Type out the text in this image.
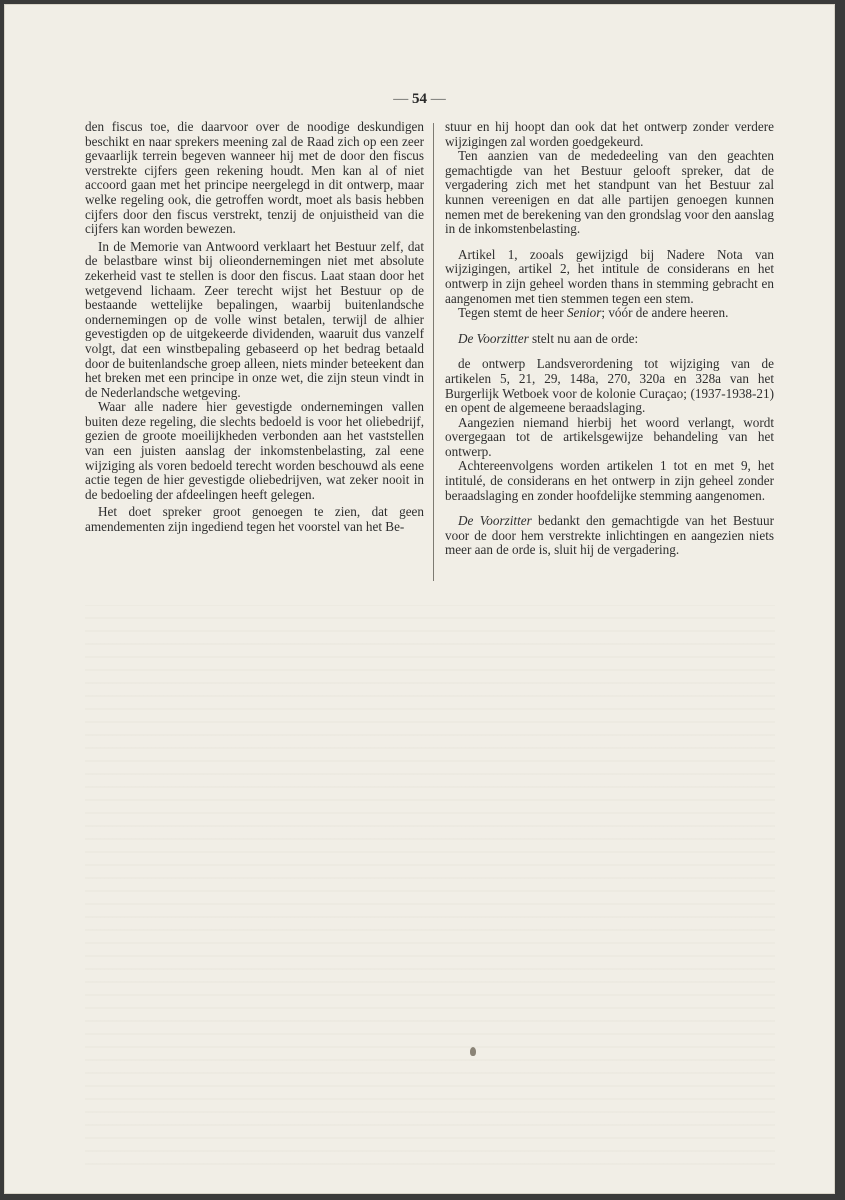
— 54 —

den fiscus toe, die daarvoor over de noodige deskundigen beschikt en naar sprekers meening zal de Raad zich op een zeer gevaarlijk terrein begeven wanneer hij met de door den fiscus verstrekte cijfers geen rekening houdt. Men kan al of niet accoord gaan met het principe neergelegd in dit ontwerp, maar welke regeling ook, die getroffen wordt, moet als basis hebben cijfers door den fiscus verstrekt, tenzij de onjuistheid van die cijfers kan worden bewezen.

In de Memorie van Antwoord verklaart het Bestuur zelf, dat de belastbare winst bij olieondernemingen niet met absolute zekerheid vast te stellen is door den fiscus. Laat staan door het wetgevend lichaam. Zeer terecht wijst het Bestuur op de bestaande wettelijke bepalingen, waarbij buitenlandsche ondernemingen op de volle winst betalen, terwijl de alhier gevestigden op de uitgekeerde dividenden, waaruit dus vanzelf volgt, dat een winstbepaling gebaseerd op het bedrag betaald door de buitenlandsche groep alleen, niets minder beteekent dan het breken met een principe in onze wet, die zijn steun vindt in de Nederlandsche wetgeving.

Waar alle nadere hier gevestigde ondernemingen vallen buiten deze regeling, die slechts bedoeld is voor het oliebedrijf, gezien de groote moeilijkheden verbonden aan het vaststellen van een juisten aanslag der inkomstenbelasting, zal eene wijziging als voren bedoeld terecht worden beschouwd als eene actie tegen de hier gevestigde oliebedrijven, wat zeker nooit in de bedoeling der afdeelingen heeft gelegen.

Het doet spreker groot genoegen te zien, dat geen amendementen zijn ingediend tegen het voorstel van het Be-

stuur en hij hoopt dan ook dat het ontwerp zonder verdere wijzigingen zal worden goedgekeurd.

Ten aanzien van de mededeeling van den geachten gemachtigde van het Bestuur gelooft spreker, dat de vergadering zich met het standpunt van het Bestuur zal kunnen vereenigen en dat alle partijen genoegen kunnen nemen met de berekening van den grondslag voor den aanslag in de inkomstenbelasting.

Artikel 1, zooals gewijzigd bij Nadere Nota van wijzigingen, artikel 2, het intitule de considerans en het ontwerp in zijn geheel worden thans in stemming gebracht en aangenomen met tien stemmen tegen een stem.

Tegen stemt de heer Senior; vóór de andere heeren.

De Voorzitter stelt nu aan de orde:

de ontwerp Landsverordening tot wijziging van de artikelen 5, 21, 29, 148a, 270, 320a en 328a van het Burgerlijk Wetboek voor de kolonie Curaçao; (1937-1938-21) en opent de algemeene beraadslaging.

Aangezien niemand hierbij het woord verlangt, wordt overgegaan tot de artikelsgewijze behandeling van het ontwerp.

Achtereenvolgens worden artikelen 1 tot en met 9, het intitulé, de considerans en het ontwerp in zijn geheel zonder beraadslaging en zonder hoofdelijke stemming aangenomen.

De Voorzitter bedankt den gemachtigde van het Bestuur voor de door hem verstrekte inlichtingen en aangezien niets meer aan de orde is, sluit hij de vergadering.
